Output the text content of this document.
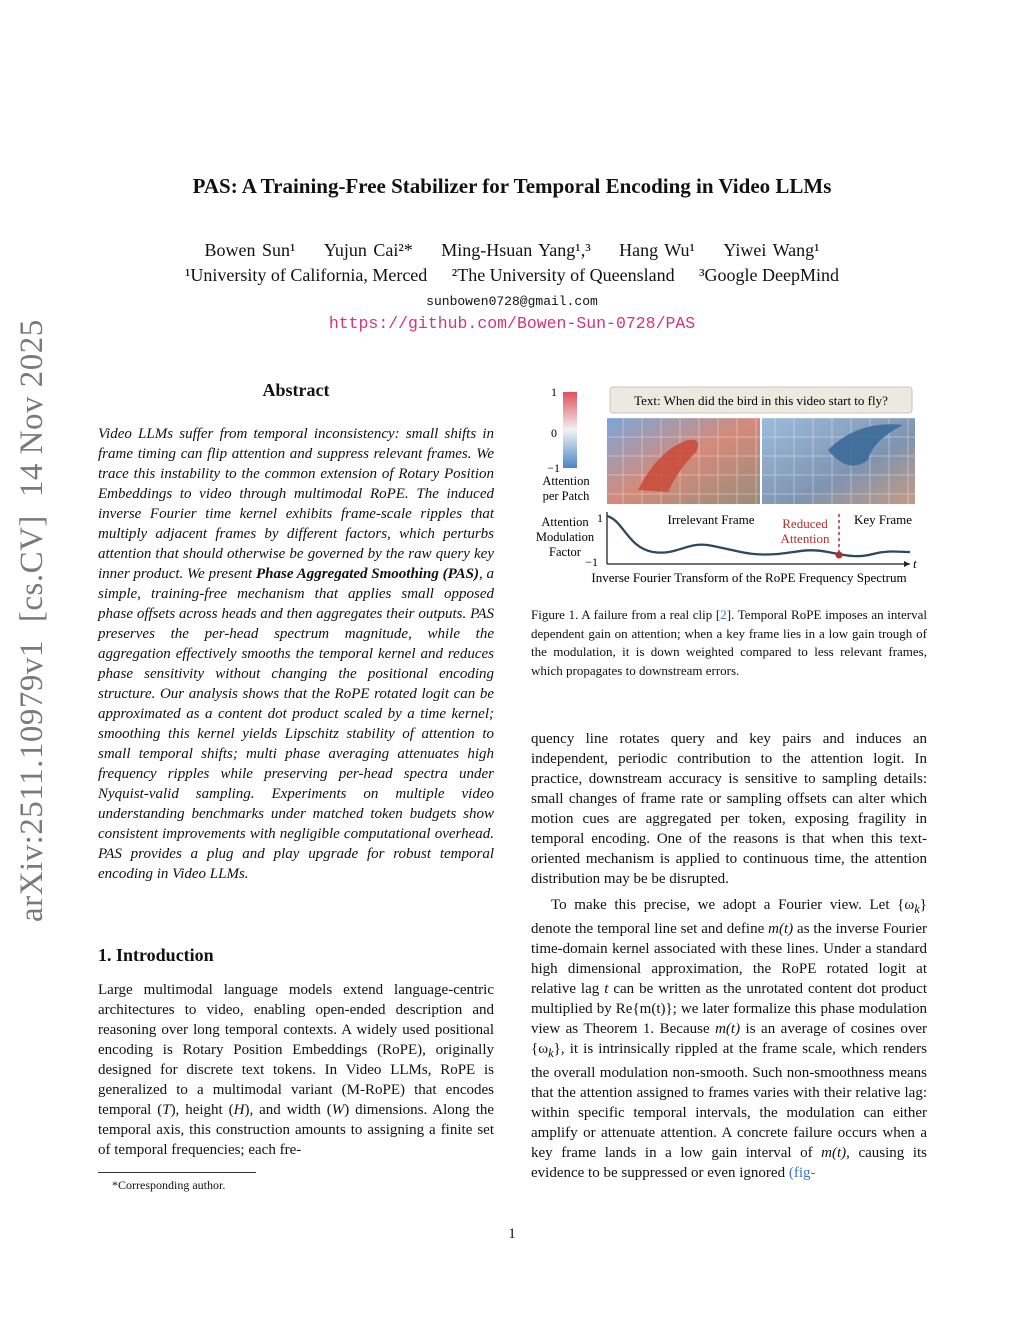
PAS: A Training-Free Stabilizer for Temporal Encoding in Video LLMs
Bowen Sun¹ Yujun Cai²* Ming-Hsuan Yang¹,³ Hang Wu¹ Yiwei Wang¹
¹University of California, Merced ²The University of Queensland ³Google DeepMind
sunbowen0728@gmail.com
https://github.com/Bowen-Sun-0728/PAS
arXiv:2511.10979v1[cs.CV]14 Nov 2025	Abstract
Video LLMs suffer from temporal inconsistency: small shifts in frame timing can flip attention and suppress relevant frames. We trace this instability to the common extension of Rotary Position Embeddings to video through multimodal RoPE. The induced inverse Fourier time kernel exhibits frame-scale ripples that multiply adjacent frames by different factors, which perturbs attention that should otherwise be governed by the raw query key inner product. We present Phase Aggregated Smoothing (PAS), a simple, training-free mechanism that applies small opposed phase offsets across heads and then aggregates their outputs. PAS preserves the per-head spectrum magnitude, while the aggregation effectively smooths the temporal kernel and reduces phase sensitivity without changing the positional encoding structure. Our analysis shows that the RoPE rotated logit can be approximated as a content dot product scaled by a time kernel; smoothing this kernel yields Lipschitz stability of attention to small temporal shifts; multi phase averaging attenuates high frequency ripples while preserving per-head spectra under Nyquist-valid sampling. Experiments on multiple video understanding benchmarks under matched token budgets show consistent improvements with negligible computational overhead. PAS provides a plug and play upgrade for robust temporal encoding in Video LLMs.
1. Introduction
Large multimodal language models extend language-centric architectures to video, enabling open-ended description and reasoning over long temporal contexts. A widely used positional encoding is Rotary Position Embeddings (RoPE), originally designed for discrete text tokens. In Video LLMs, RoPE is generalized to a multimodal variant (M-RoPE) that encodes temporal (T), height (H), and width (W) dimensions. Along the temporal axis, this construction amounts to assigning a finite set of temporal frequencies; each fre-
*Corresponding author.
1
1
0
−1
Attention
per Patch
Text: When did the bird in this video start to fly?
Attention
Modulation
Factor
1
−1
Irrelevant Frame Reduced
Attention
Key Frame
t
Inverse Fourier Transform of the RoPE Frequency Spectrum
Figure 1. A failure from a real clip [2]. Temporal RoPE imposes an interval dependent gain on attention; when a key frame lies in a low gain trough of the modulation, it is down weighted compared to less relevant frames, which propagates to downstream errors.
quency line rotates query and key pairs and induces an independent, periodic contribution to the attention logit. In practice, downstream accuracy is sensitive to sampling details: small changes of frame rate or sampling offsets can alter which motion cues are aggregated per token, exposing fragility in temporal encoding. One of the reasons is that when this text-oriented mechanism is applied to continuous time, the attention distribution may be be disrupted.
To make this precise, we adopt a Fourier view. Let $\{\omega_k\}$ denote the temporal line set and define m(t) as the inverse Fourier time-domain kernel associated with these lines. Under a standard high dimensional approximation, the RoPE rotated logit at relative lag t can be written as the unrotated content dot product multiplied by Re{m(t)}; we later formalize this phase modulation view as Theorem 1. Because m(t) is an average of cosines over $\{\omega_k\}$, it is intrinsically rippled at the frame scale, which renders the overall modulation non-smooth. Such non-smoothness means that the attention assigned to frames varies with their relative lag: within specific temporal intervals, the modulation can either amplify or attenuate attention. A concrete failure occurs when a key frame lands in a low gain interval of m(t), causing its evidence to be suppressed or even ignored (fig-
